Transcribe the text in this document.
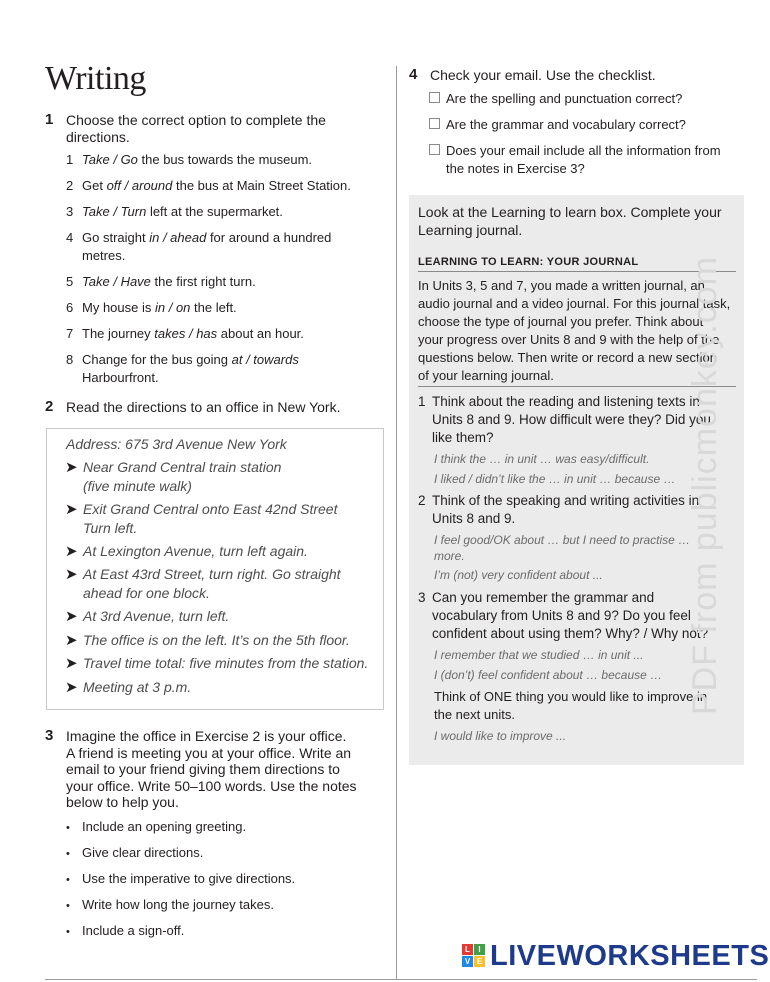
Writing
1 Choose the correct option to complete the directions.
1 Take / Go the bus towards the museum.
2 Get off / around the bus at Main Street Station.
3 Take / Turn left at the supermarket.
4 Go straight in / ahead for around a hundred
metres.
5 Take / Have the first right turn.
6 My house is in / on the left.
7 The journey takes / has about an hour.
8 Change for the bus going at / towards
Harbourfront.
2 Read the directions to an office in New York.
Address: 675 3rd Avenue New York
➤ Near Grand Central train station
(five minute walk)
➤ Exit Grand Central onto East 42nd Street
Turn left.
➤ At Lexington Avenue, turn left again.
➤ At East 43rd Street, turn right. Go straight
ahead for one block.
➤ At 3rd Avenue, turn left.
➤ The office is on the left. It’s on the 5th floor.
➤ Travel time total: five minutes from the station.
➤ Meeting at 3 p.m.
3 Imagine the office in Exercise 2 is your office.
A friend is meeting you at your office. Write an
email to your friend giving them directions to
your office. Write 50–100 words. Use the notes
below to help you.
• Include an opening greeting.
• Give clear directions.
• Use the imperative to give directions.
• Write how long the journey takes.
• Include a sign-off.
4 Check your email. Use the checklist.
Are the spelling and punctuation correct?
Are the grammar and vocabulary correct?
Does your email include all the information from
the notes in Exercise 3?
Look at the Learning to learn box. Complete your
Learning journal.
LEARNING TO LEARN: YOUR JOURNAL
In Units 3, 5 and 7, you made a written journal, an
audio journal and a video journal. For this journal task,
choose the type of journal you prefer. Think about
your progress over Units 8 and 9 with the help of the
questions below. Then write or record a new section
of your learning journal.
1 Think about the reading and listening texts in
Units 8 and 9. How difficult were they? Did you
like them?
I think the … in unit … was easy/difficult.
I liked / didn’t like the … in unit … because …
2 Think of the speaking and writing activities in
Units 8 and 9.
I feel good/OK about … but I need to practise …
more.
I’m (not) very confident about ...
3 Can you remember the grammar and
vocabulary from Units 8 and 9? Do you feel
confident about using them? Why? / Why not?
I remember that we studied … in unit ...
I (don’t) feel confident about … because …
Think of ONE thing you would like to improve in
the next units.
I would like to improve ...
PDF from publicmonkey.com
L	I
V E LIVEWORKSHEETS
